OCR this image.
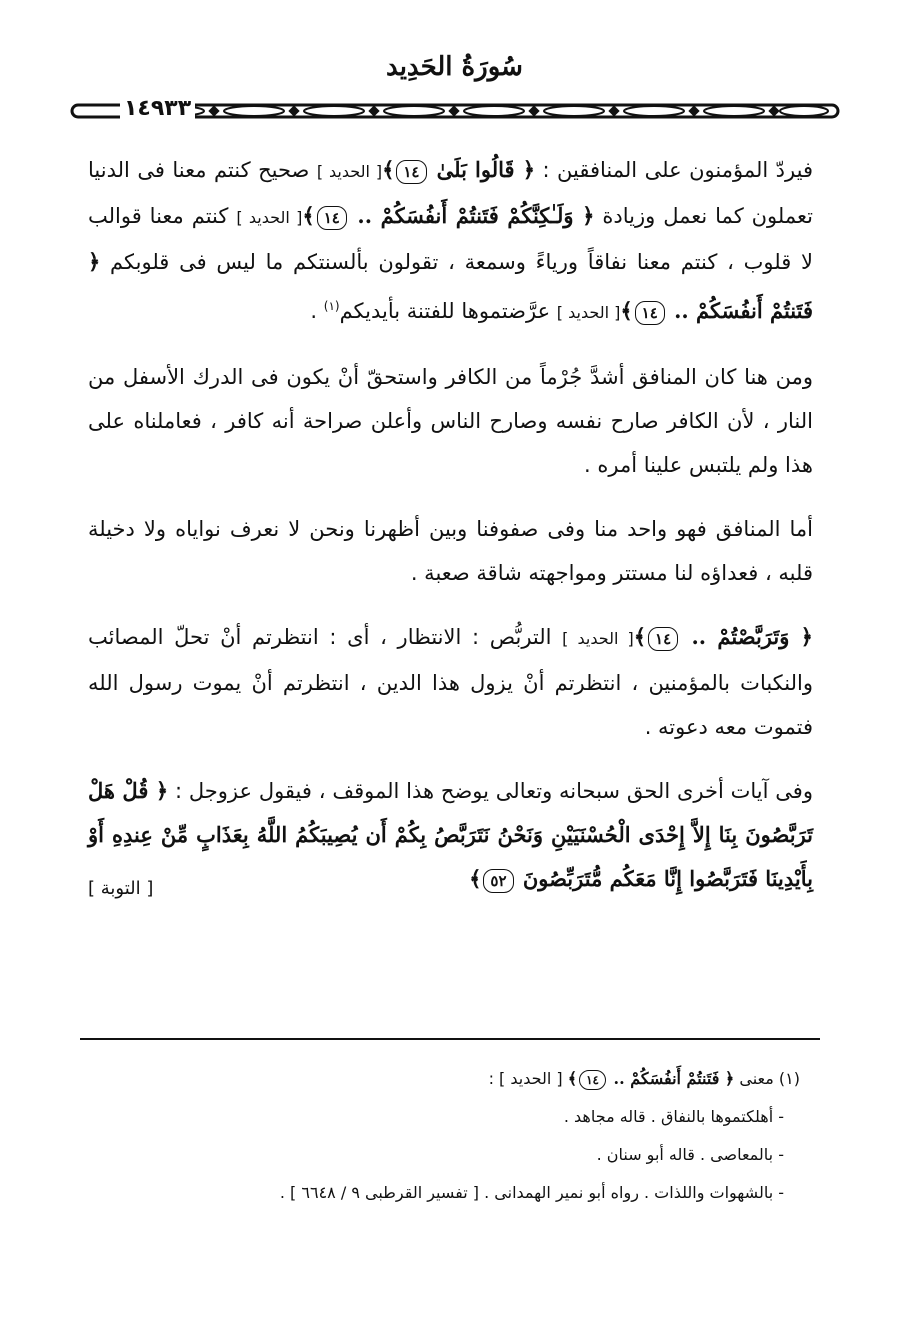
سُورَةُ الحَدِيد
١٤٩٣٣

فيردّ المؤمنون على المنافقين : ﴿ قَالُوا بَلَىٰ ١٤﴾[ الحديد ] صحيح كنتم معنا فى الدنيا تعملون كما نعمل وزيادة ﴿ وَلَـٰكِنَّكُمْ فَتَنتُمْ أَنفُسَكُمْ .. ١٤﴾[ الحديد ] كنتم معنا قوالب لا قلوب ، كنتم معنا نفاقاً ورياءً وسمعة ، تقولون بألسنتكم ما ليس فى قلوبكم ﴿ فَتَنتُمْ أَنفُسَكُمْ .. ١٤﴾[ الحديد ] عرَّضتموها للفتنة بأيديكم$^{(١)}$ .

ومن هنا كان المنافق أشدَّ جُرْماً من الكافر واستحقّ أنْ يكون فى الدرك الأسفل من النار ، لأن الكافر صارح نفسه وصارح الناس وأعلن صراحة أنه كافر ، فعاملناه على هذا ولم يلتبس علينا أمره .

أما المنافق فهو واحد منا وفى صفوفنا وبين أظهرنا ونحن لا نعرف نواياه ولا دخيلة قلبه ، فعداؤه لنا مستتر ومواجهته شاقة صعبة .

﴿ وَتَرَبَّصْتُمْ .. ١٤﴾[ الحديد ] التربُّص : الانتظار ، أى : انتظرتم أنْ تحلّ المصائب والنكبات بالمؤمنين ، انتظرتم أنْ يزول هذا الدين ، انتظرتم أنْ يموت رسول الله فتموت معه دعوته .

وفى آيات أخرى الحق سبحانه وتعالى يوضح هذا الموقف ، فيقول عزوجل : ﴿ قُلْ هَلْ تَرَبَّصُونَ بِنَا إِلاَّ إِحْدَى الْحُسْنَيَيْنِ وَنَحْنُ نَتَرَبَّصُ بِكُمْ أَن يُصِيبَكُمُ اللَّهُ بِعَذَابٍ مِّنْ عِندِهِ أَوْ بِأَيْدِينَا فَتَرَبَّصُوا إِنَّا مَعَكُم مُّتَرَبِّصُونَ ٥٢﴾
[ التوبة ]

(١) معنى ﴿ فَتَنتُمْ أَنفُسَكُمْ .. ١٤﴾ [ الحديد ] :

- أهلكتموها بالنفاق . قاله مجاهد .

- بالمعاصى . قاله أبو سنان .

- بالشهوات واللذات . رواه أبو نمير الهمدانى . [ تفسير القرطبى ٩ / ٦٦٤٨ ] .
